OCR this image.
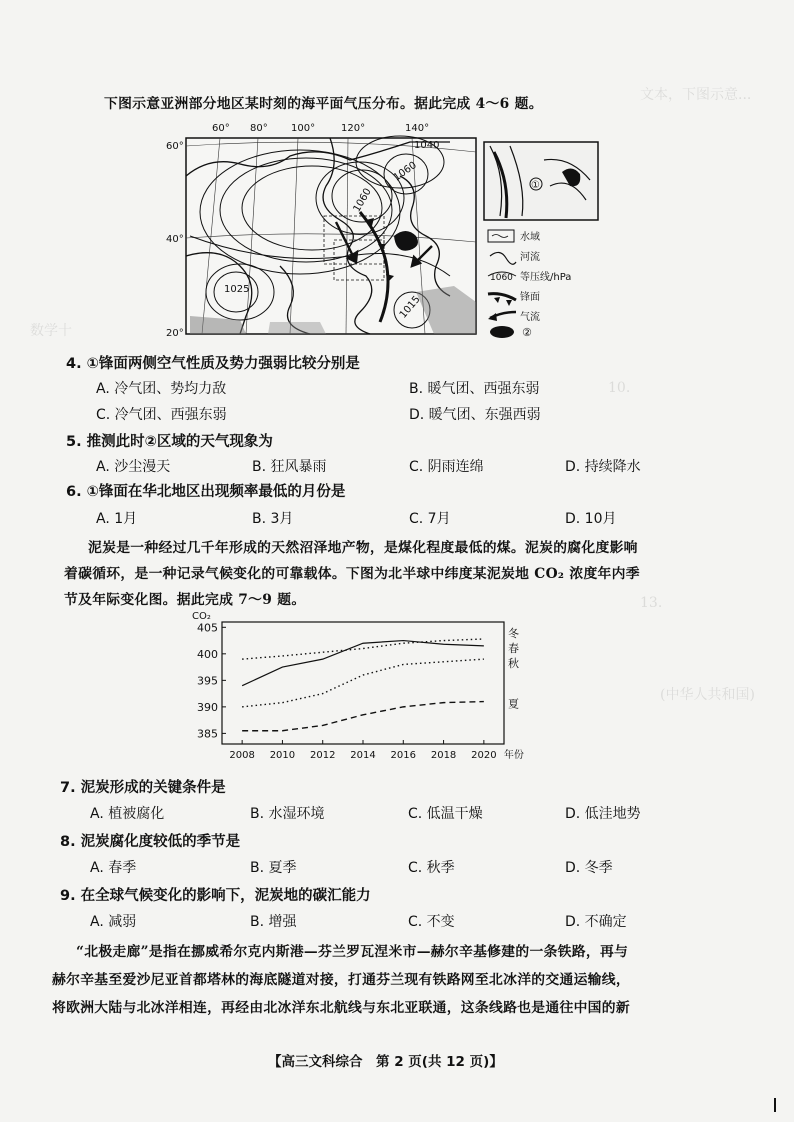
文本，下图示意...
数学十
10.
13.
(中华人共和国)
下图示意亚洲部分地区某时刻的海平面气压分布。据此完成 4～6 题。
60° 80° 100°	120°	140°
60°
40°
20°
1040
1060
1060
1025
1015
①
水域
河流
1060 等压线/hPa
锋面
气流
②
4. ①锋面两侧空气性质及势力强弱比较分别是
A. 冷气团、势均力敌	B. 暖气团、西强东弱
C. 冷气团、西强东弱	D. 暖气团、东强西弱
5. 推测此时②区域的天气现象为
A. 沙尘漫天	B. 狂风暴雨	C. 阴雨连绵	D. 持续降水
6. ①锋面在华北地区出现频率最低的月份是
A. 1月	B. 3月	C. 7月	D. 10月
泥炭是一种经过几千年形成的天然沼泽地产物，是煤化程度最低的煤。泥炭的腐化度影响
着碳循环，是一种记录气候变化的可靠载体。下图为北半球中纬度某泥炭地 CO₂ 浓度年内季
节及年际变化图。据此完成 7～9 题。
CO₂
385
390
395
400
405
2008 2010 2012 2014 2016 2018 2020 年份
冬
春
秋
夏
7. 泥炭形成的关键条件是
A. 植被腐化	B. 水湿环境	C. 低温干燥	D. 低洼地势
8. 泥炭腐化度较低的季节是
A. 春季	B. 夏季	C. 秋季	D. 冬季
9. 在全球气候变化的影响下，泥炭地的碳汇能力
A. 减弱	B. 增强	C. 不变	D. 不确定
“北极走廊”是指在挪威希尔克内斯港—芬兰罗瓦涅米市—赫尔辛基修建的一条铁路，再与
赫尔辛基至爱沙尼亚首都塔林的海底隧道对接，打通芬兰现有铁路网至北冰洋的交通运输线，
将欧洲大陆与北冰洋相连，再经由北冰洋东北航线与东北亚联通，这条线路也是通往中国的新
【高三文科综合　第 2 页(共 12 页)】
